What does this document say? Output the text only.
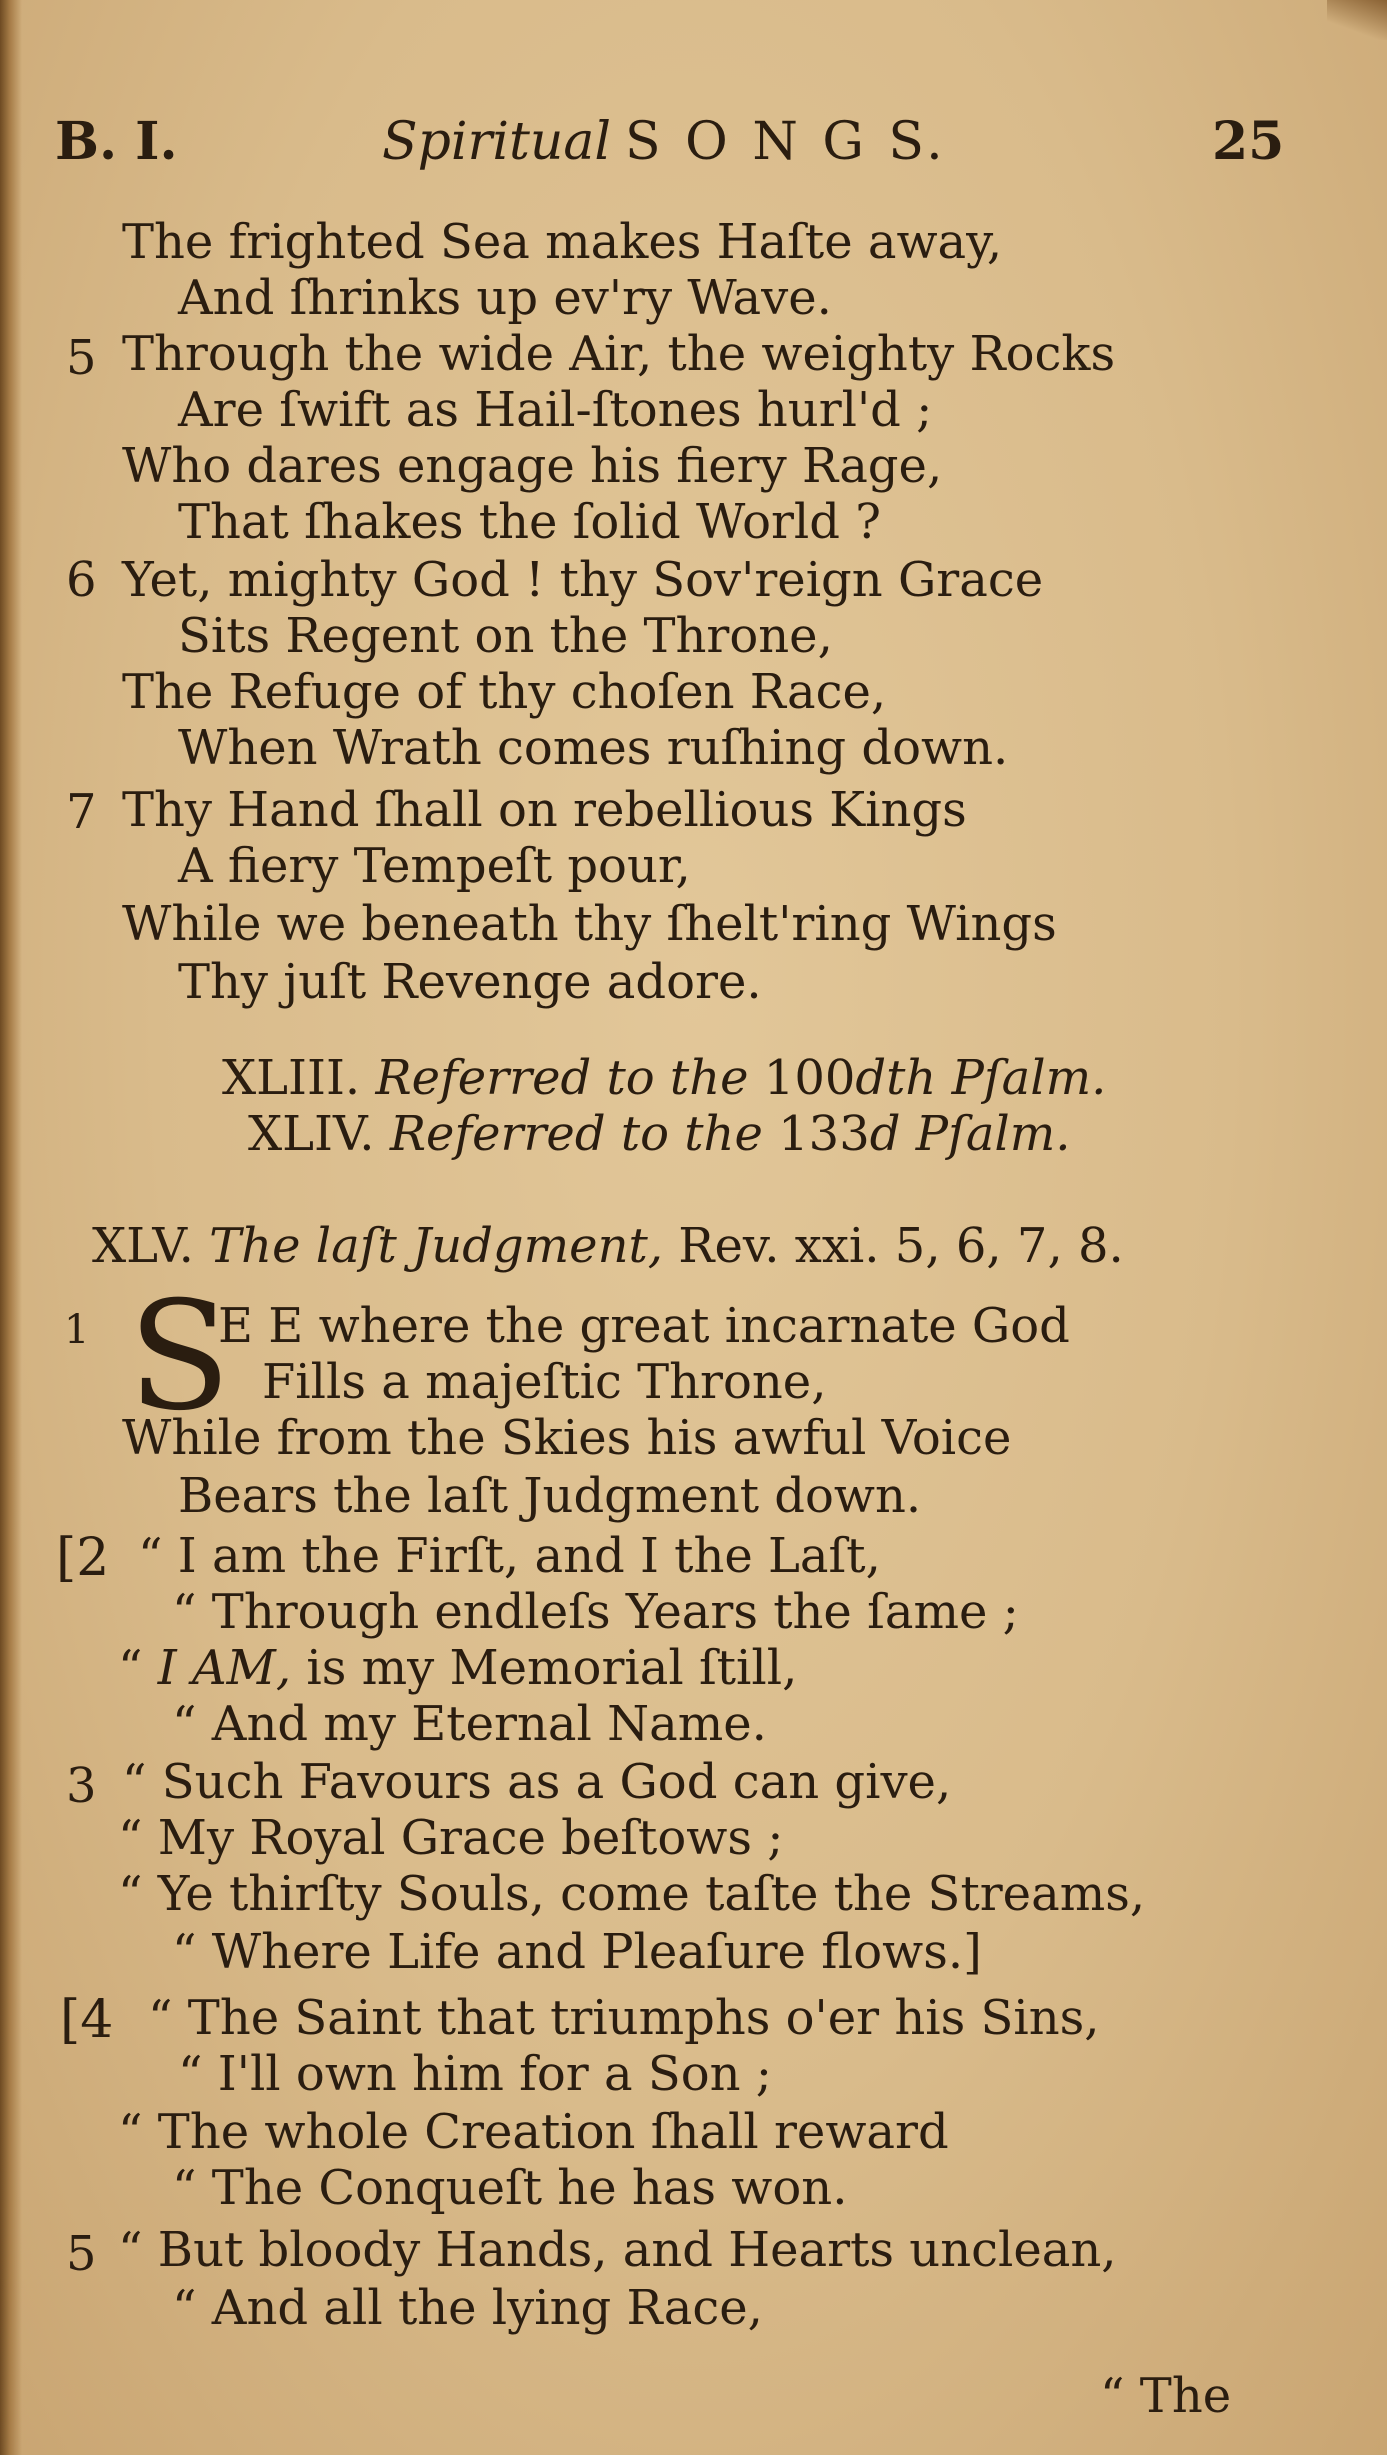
B. I.	Spiritual S O N G S.	25
The frighted Sea makes Haſte away,
And ſhrinks up ev'ry Wave.
5 Through the wide Air, the weighty Rocks
Are ſwift as Hail-ſtones hurl'd ;
Who dares engage his fiery Rage,
That ſhakes the ſolid World ?
6 Yet, mighty God ! thy Sov'reign Grace
Sits Regent on the Throne,
The Refuge of thy choſen Race,
When Wrath comes ruſhing down.
7 Thy Hand ſhall on rebellious Kings
A fiery Tempeſt pour,
While we beneath thy ſhelt'ring Wings
Thy juſt Revenge adore.
XLIII. Referred to the 100dth Pſalm.
XLIV. Referred to the 133d Pſalm.
XLV. The laſt Judgment, Rev. xxi. 5, 6, 7, 8.
1 S
E E where the great incarnate God
Fills a majeſtic Throne,
While from the Skies his awful Voice
Bears the laſt Judgment down.
[2 “ I am the Firſt, and I the Laſt,
“ Through endleſs Years the ſame ;
“ I AM, is my Memorial ſtill,
“ And my Eternal Name.
3 “ Such Favours as a God can give,
“ My Royal Grace beſtows ;
“ Ye thirſty Souls, come taſte the Streams,
“ Where Life and Pleaſure flows.]
[4 “ The Saint that triumphs o'er his Sins,
“ I'll own him for a Son ;
“ The whole Creation ſhall reward
“ The Conqueſt he has won.
5 “ But bloody Hands, and Hearts unclean,
“ And all the lying Race,
“ The
